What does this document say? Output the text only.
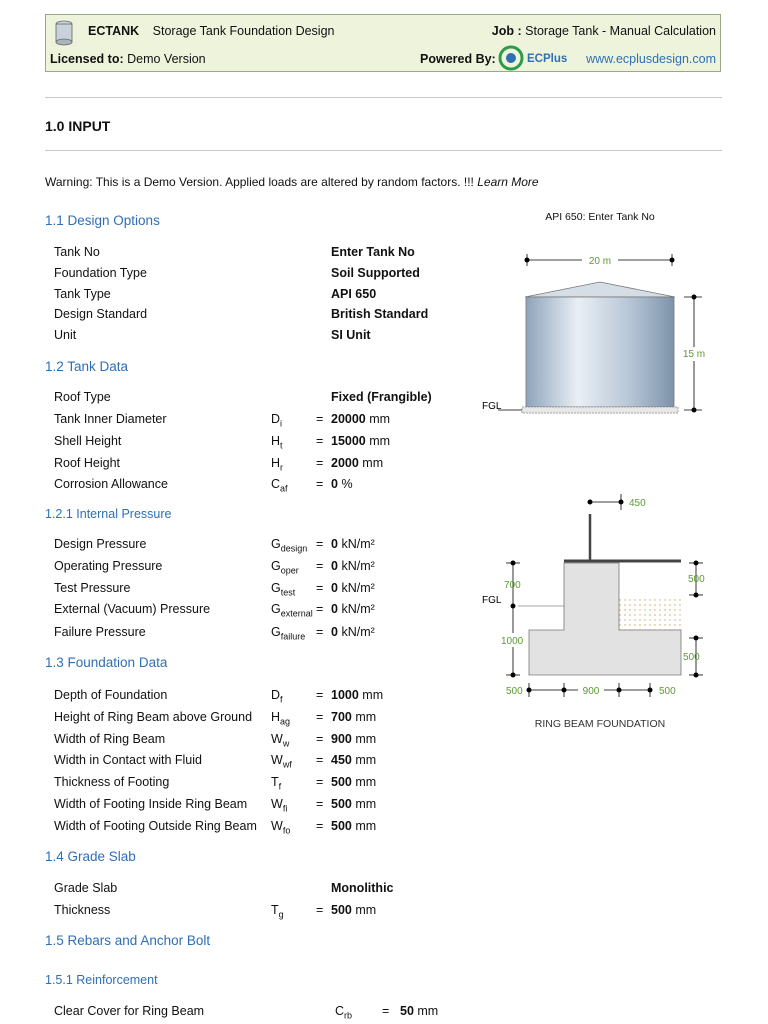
ECTANK Storage Tank Foundation Design	Job : Storage Tank - Manual Calculation
Licensed to: Demo Version	Powered By:	ECPlus www.ecplusdesign.com
1.0 INPUT
Warning: This is a Demo Version. Applied loads are altered by random factors. !!! Learn More
1.1 Design Options
Tank No	Enter Tank No
Foundation Type	Soil Supported
Tank Type	API 650
Design Standard	British Standard
Unit	SI Unit
1.2 Tank Data
Roof Type	Fixed (Frangible)
Tank Inner Diameter	$D_i$	= 20000 mm
Shell Height	$H_t$	= 15000 mm
Roof Height	$H_r$	= 2000 mm
Corrosion Allowance	$C_{af} = 0$ %
1.2.1 Internal Pressure
Design Pressure	$G_{design} = 0$ kN/m²
Operating Pressure	$G_{oper} = 0$ kN/m²
Test Pressure	$G_{test} = 0$ kN/m²
External (Vacuum) Pressure	$G_{external} = 0$ kN/m²
Failure Pressure	$G_{failure} = 0$ kN/m²
1.3 Foundation Data
Depth of Foundation	$D_f$	= 1000 mm
Height of Ring Beam above Ground $H_{ag} = 700$ mm
Width of Ring Beam	$W_w = 900$ mm
Width in Contact with Fluid	$W_{wf} = 450$ mm
Thickness of Footing	$T_f$	= 500 mm
Width of Footing Inside Ring Beam $W_{fi} = 500$ mm
Width of Footing Outside Ring Beam $W_{fo} = 500$ mm
1.4 Grade Slab
Grade Slab	Monolithic
Thickness	$T_g$	= 500 mm
1.5 Rebars and Anchor Bolt
1.5.1 Reinforcement
Clear Cover for Ring Beam	$C_{rb} = 50$ mm
API 650: Enter Tank No
20 m
FGL
15 m
450
700
FGL
1000
500
500
500	900	500
RING BEAM FOUNDATION
